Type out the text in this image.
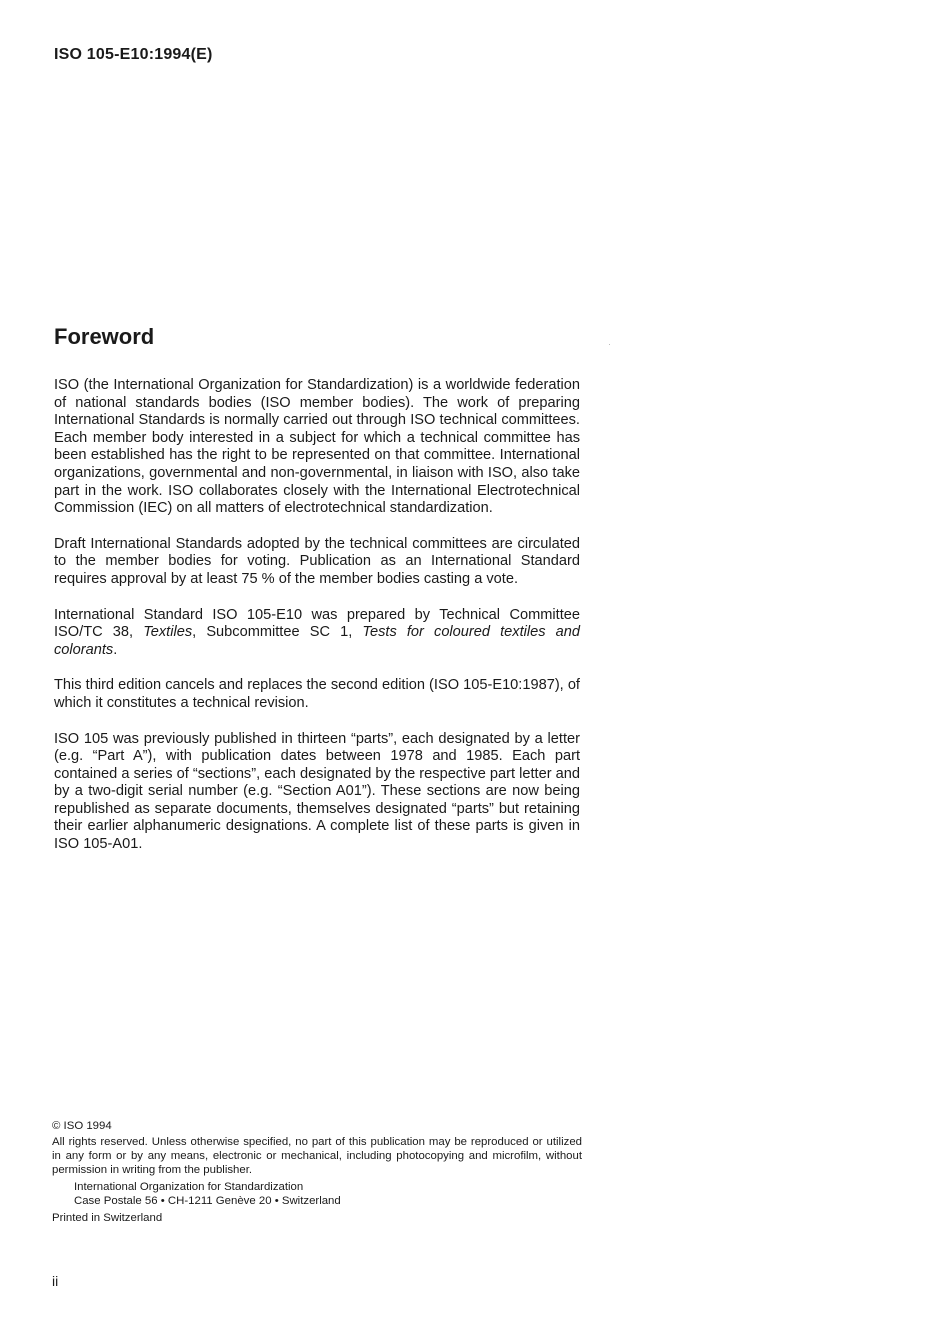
ISO 105-E10:1994(E)
Foreword

ISO (the International Organization for Standardization) is a worldwide federation of national standards bodies (ISO member bodies). The work of preparing International Standards is normally carried out through ISO technical committees. Each member body interested in a subject for which a technical committee has been established has the right to be represented on that committee. International organizations, governmental and non-governmental, in liaison with ISO, also take part in the work. ISO collaborates closely with the International Electrotechnical Commission (IEC) on all matters of electrotechnical standardization.

Draft International Standards adopted by the technical committees are circulated to the member bodies for voting. Publication as an International Standard requires approval by at least 75 % of the member bodies casting a vote.

International Standard ISO 105-E10 was prepared by Technical Committee ISO/TC 38, Textiles, Subcommittee SC 1, Tests for coloured textiles and colorants.

This third edition cancels and replaces the second edition (ISO 105-E10:1987), of which it constitutes a technical revision.

ISO 105 was previously published in thirteen “parts”, each designated by a letter (e.g. “Part A”), with publication dates between 1978 and 1985. Each part contained a series of “sections”, each designated by the respective part letter and by a two-digit serial number (e.g. “Section A01”). These sections are now being republished as separate documents, themselves designated “parts” but retaining their earlier alphanumeric designations. A complete list of these parts is given in ISO 105-A01.

© ISO 1994
All rights reserved. Unless otherwise specified, no part of this publication may be reproduced or utilized in any form or by any means, electronic or mechanical, including photocopying and microfilm, without permission in writing from the publisher.
International Organization for Standardization
Case Postale 56 • CH-1211 Genève 20 • Switzerland
Printed in Switzerland
ii
